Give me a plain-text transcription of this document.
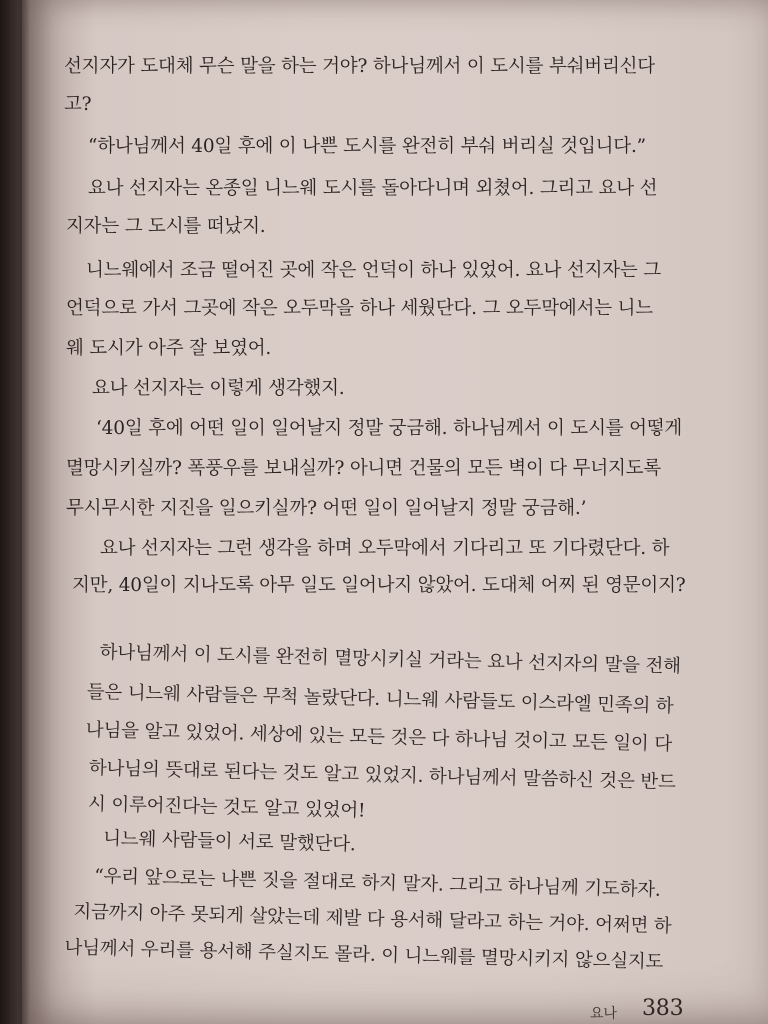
선지자가 도대체 무슨 말을 하는 거야? 하나님께서 이 도시를 부숴버리신다
고?
“하나님께서 40일 후에 이 나쁜 도시를 완전히 부숴 버리실 것입니다.”
요나 선지자는 온종일 니느웨 도시를 돌아다니며 외쳤어. 그리고 요나 선
지자는 그 도시를 떠났지.
니느웨에서 조금 떨어진 곳에 작은 언덕이 하나 있었어. 요나 선지자는 그
언덕으로 가서 그곳에 작은 오두막을 하나 세웠단다. 그 오두막에서는 니느
웨 도시가 아주 잘 보였어.
요나 선지자는 이렇게 생각했지.
‘40일 후에 어떤 일이 일어날지 정말 궁금해. 하나님께서 이 도시를 어떻게
멸망시키실까? 폭풍우를 보내실까? 아니면 건물의 모든 벽이 다 무너지도록
무시무시한 지진을 일으키실까? 어떤 일이 일어날지 정말 궁금해.’
요나 선지자는 그런 생각을 하며 오두막에서 기다리고 또 기다렸단다. 하
지만, 40일이 지나도록 아무 일도 일어나지 않았어. 도대체 어찌 된 영문이지?
하나님께서 이 도시를 완전히 멸망시키실 거라는 요나 선지자의 말을 전해
들은 니느웨 사람들은 무척 놀랐단다. 니느웨 사람들도 이스라엘 민족의 하
나님을 알고 있었어. 세상에 있는 모든 것은 다 하나님 것이고 모든 일이 다
하나님의 뜻대로 된다는 것도 알고 있었지. 하나님께서 말씀하신 것은 반드
시 이루어진다는 것도 알고 있었어!
니느웨 사람들이 서로 말했단다.
“우리 앞으로는 나쁜 짓을 절대로 하지 말자. 그리고 하나님께 기도하자.
지금까지 아주 못되게 살았는데 제발 다 용서해 달라고 하는 거야. 어쩌면 하
나님께서 우리를 용서해 주실지도 몰라. 이 니느웨를 멸망시키지 않으실지도
요나 383
